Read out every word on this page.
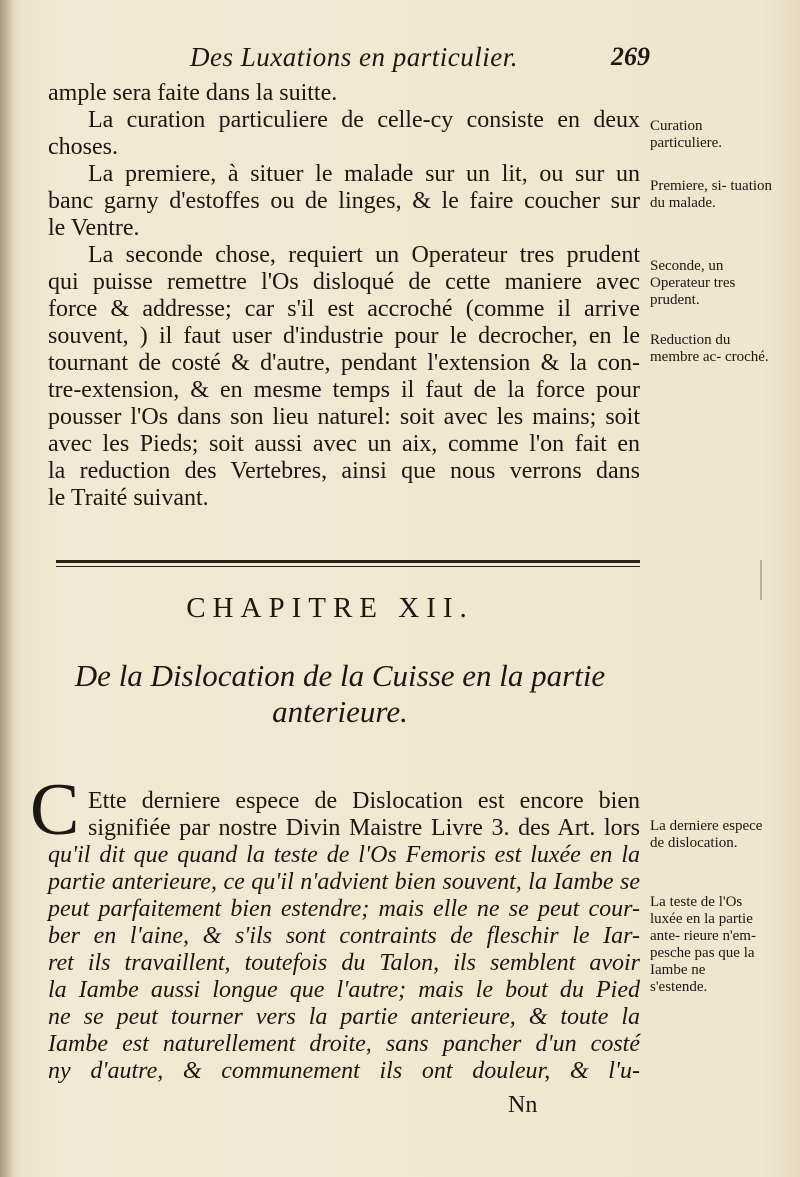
Des Luxations en particulier.	269
ample sera faite dans la suitte.
La curation particuliere de celle-cy consiste en deux
choses.
La premiere, à situer le malade sur un lit, ou sur un
banc garny d'estoffes ou de linges, & le faire coucher sur
le Ventre.
La seconde chose, requiert un Operateur tres prudent
qui puisse remettre l'Os disloqué de cette maniere avec
force & addresse; car s'il est accroché (comme il arrive
souvent, ) il faut user d'industrie pour le decrocher, en le
tournant de costé & d'autre, pendant l'extension & la con-
tre-extension, & en mesme temps il faut de la force pour
pousser l'Os dans son lieu naturel: soit avec les mains; soit
avec les Pieds; soit aussi avec un aix, comme l'on fait en
la reduction des Vertebres, ainsi que nous verrons dans
le Traité suivant.
Curation particuliere.
Premiere, si- tuation du malade.
Seconde, un Operateur tres prudent.
Reduction du membre ac- croché.
CHAPITRE XII.
De la Dislocation de la Cuisse en la partie
anterieure.
C Ette derniere espece de Dislocation est encore bien
signifiée par nostre Divin Maistre Livre 3. des Art. lors
qu'il dit que quand la teste de l'Os Femoris est luxée en la
partie anterieure, ce qu'il n'advient bien souvent, la Iambe se
peut parfaitement bien estendre; mais elle ne se peut cour-
ber en l'aine, & s'ils sont contraints de fleschir le Iar-
ret ils travaillent, toutefois du Talon, ils semblent avoir
la Iambe aussi longue que l'autre; mais le bout du Pied
ne se peut tourner vers la partie anterieure, & toute la
Iambe est naturellement droite, sans pancher d'un costé
ny d'autre, & communement ils ont douleur, & l'u-
La derniere espece de dislocation.
La teste de l'Os luxée en la partie ante- rieure n'em- pesche pas que la Iambe ne s'estende.
Nn
